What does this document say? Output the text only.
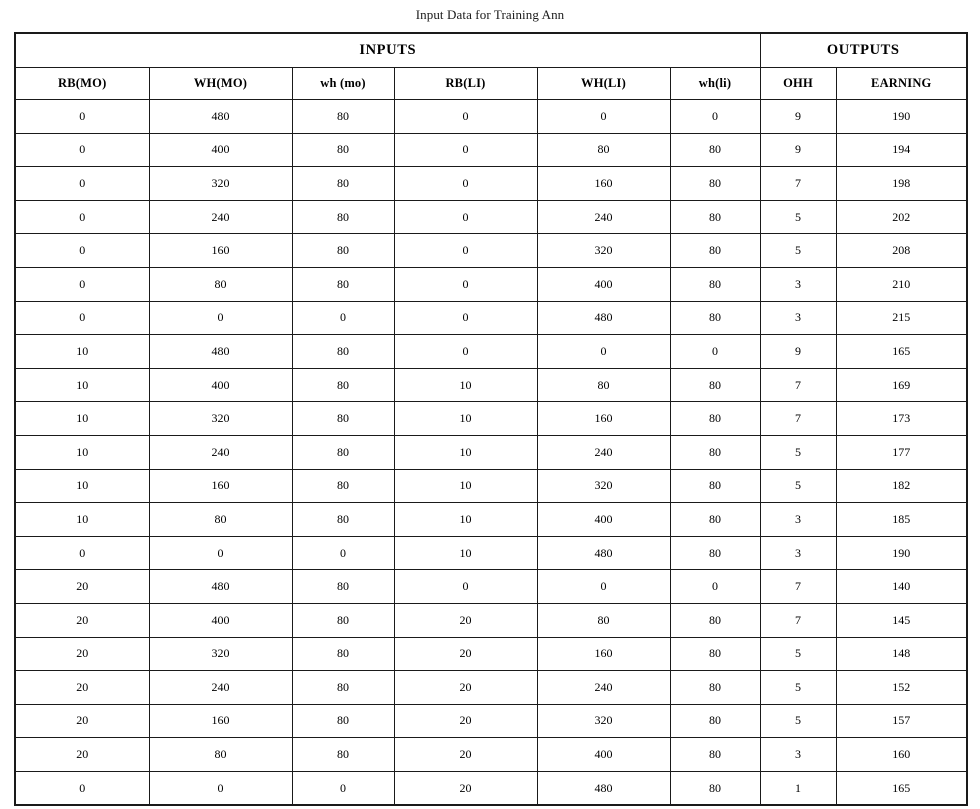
Input Data for Training Ann
INPUTS						OUTPUTS	
RB(MO)	WH(MO)	wh (mo)	RB(LI)	WH(LI)	wh(li)	OHH	EARNING
0	480	80	0	0	0	9	190
0	400	80	0	80	80	9	194
0	320	80	0	160	80	7	198
0	240	80	0	240	80	5	202
0	160	80	0	320	80	5	208
0	80	80	0	400	80	3	210
0	0	0	0	480	80	3	215
10	480	80	0	0	0	9	165
10	400	80	10	80	80	7	169
10	320	80	10	160	80	7	173
10	240	80	10	240	80	5	177
10	160	80	10	320	80	5	182
10	80	80	10	400	80	3	185
0	0	0	10	480	80	3	190
20	480	80	0	0	0	7	140
20	400	80	20	80	80	7	145
20	320	80	20	160	80	5	148
20	240	80	20	240	80	5	152
20	160	80	20	320	80	5	157
20	80	80	20	400	80	3	160
0	0	0	20	480	80	1	165
